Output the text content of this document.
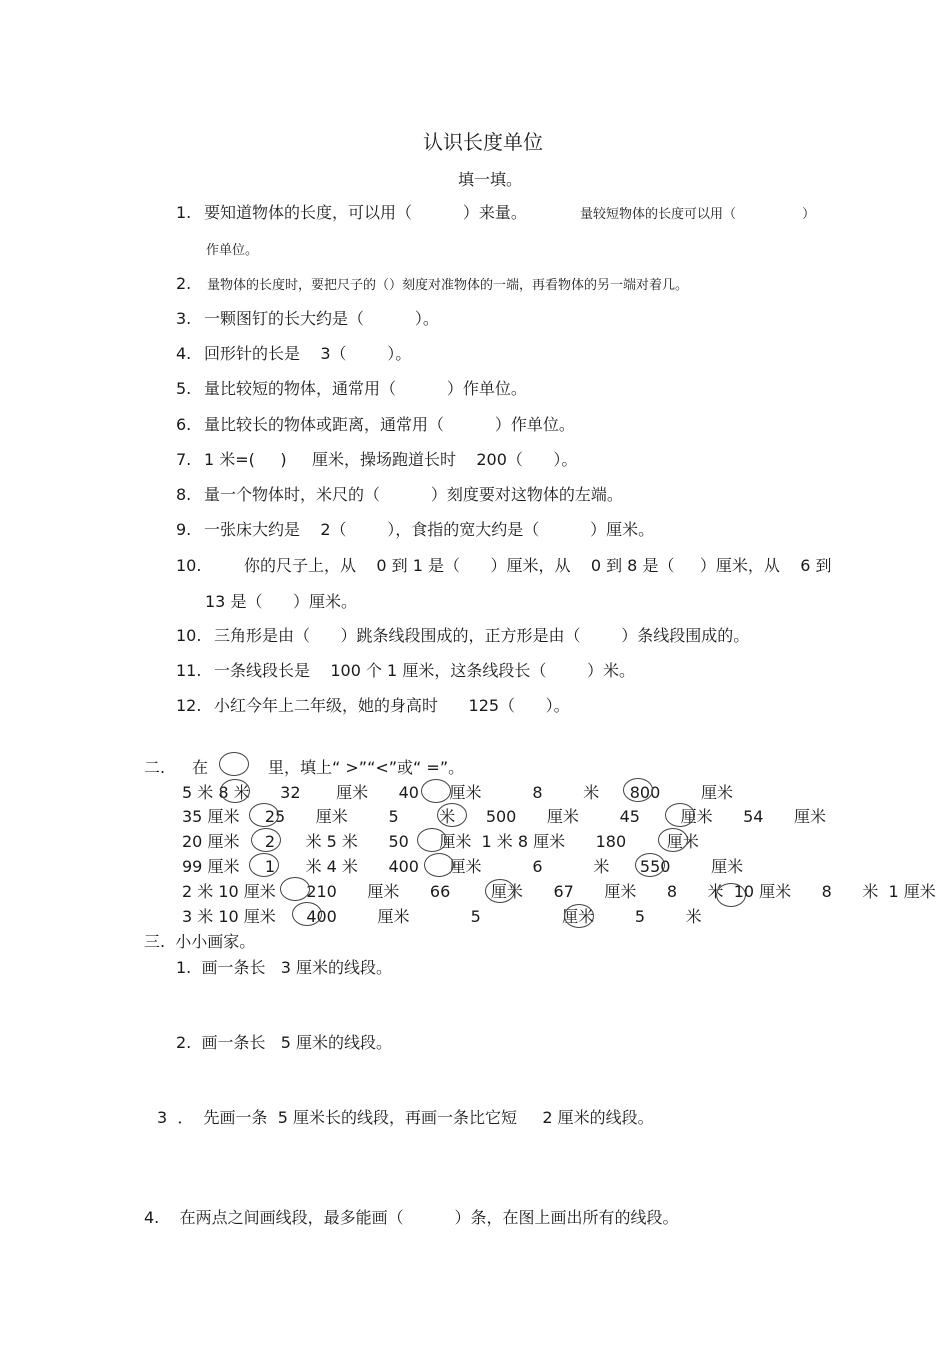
认识长度单位
填一填。
1. 要知道物体的长度，可以用（          ）来量。	量较短物体的长度可以用（                ）
作单位。
2. 量物体的长度时，要把尺子的（）刻度对准物体的一端，再看物体的另一端对着几。
3. 一颗图钉的长大约是（          ）。
4. 回形针的长是    3（        ）。
5. 量比较短的物体，通常用（          ）作单位。
6. 量比较长的物体或距离，通常用（          ）作单位。
7. 1 米=(     )     厘米，操场跑道长时    200（      ）。
8. 量一个物体时，米尺的（          ）刻度要对这物体的左端。
9. 一张床大约是    2（        ），食指的宽大约是（          ）厘米。
10.	你的尺子上，从    0 到 1 是（      ）厘米，从    0 到 8 是（     ）厘米，从    6 到
13 是（      ）厘米。
10. 三角形是由（      ）跳条线段围成的，正方形是由（        ）条线段围成的。
11. 一条线段长是    100 个 1 厘米，这条线段长（        ）米。
12. 小红今年上二年级，她的身高时      125（      ）。
二. 在	里，填上“ >”“<”或“ =”。
5 米 8 米      32       厘米      40      厘米          8        米      800        厘米
35 厘米     25      厘米        5        米      500      厘米        45        厘米      54      厘米
20 厘米     2      米 5 米      50      厘米  1 米 8 厘米      180        厘米
99 厘米     1      米 4 米      400      厘米          6          米      550        厘米
2 米 10 厘米      210      厘米      66        厘米      67      厘米      8      米  10 厘米      8      米  1 厘米
3 米 10 厘米      400        厘米            5                厘米        5        米
三.  小小画家。
1.  画一条长   3 厘米的线段。
2.  画一条长   5 厘米的线段。
3  ．  先画一条  5 厘米长的线段，再画一条比它短     2 厘米的线段。
4.    在两点之间画线段，最多能画（          ）条，在图上画出所有的线段。
